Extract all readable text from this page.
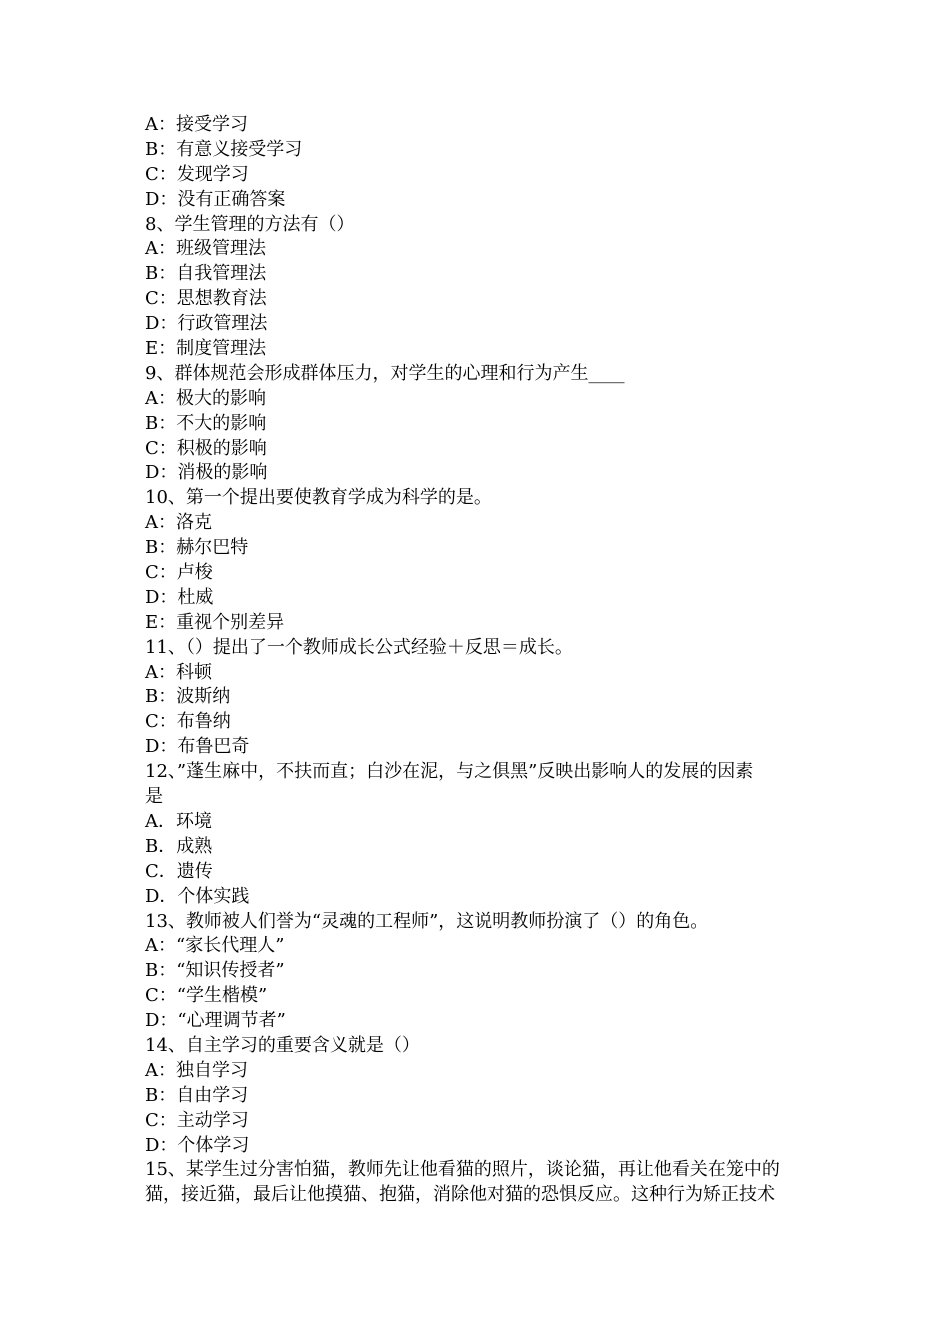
A：接受学习
B：有意义接受学习
C：发现学习
D：没有正确答案
8、学生管理的方法有（）
A：班级管理法
B：自我管理法
C：思想教育法
D：行政管理法
E：制度管理法
9、群体规范会形成群体压力，对学生的心理和行为产生____
A：极大的影响
B：不大的影响
C：积极的影响
D：消极的影响
10、第一个提出要使教育学成为科学的是。
A：洛克
B：赫尔巴特
C：卢梭
D：杜威
E：重视个别差异
11、（）提出了一个教师成长公式经验＋反思＝成长。
A：科顿
B：波斯纳
C：布鲁纳
D：布鲁巴奇
12、”蓬生麻中，不扶而直；白沙在泥，与之俱黑”反映出影响人的发展的因素
是
A．环境
B．成熟
C．遗传
D．个体实践
13、教师被人们誉为“灵魂的工程师”，这说明教师扮演了（）的角色。
A：“家长代理人”
B：“知识传授者”
C：“学生楷模”
D：“心理调节者”
14、自主学习的重要含义就是（）
A：独自学习
B：自由学习
C：主动学习
D：个体学习
15、某学生过分害怕猫，教师先让他看猫的照片，谈论猫，再让他看关在笼中的
猫，接近猫，最后让他摸猫、抱猫，消除他对猫的恐惧反应。这种行为矫正技术
